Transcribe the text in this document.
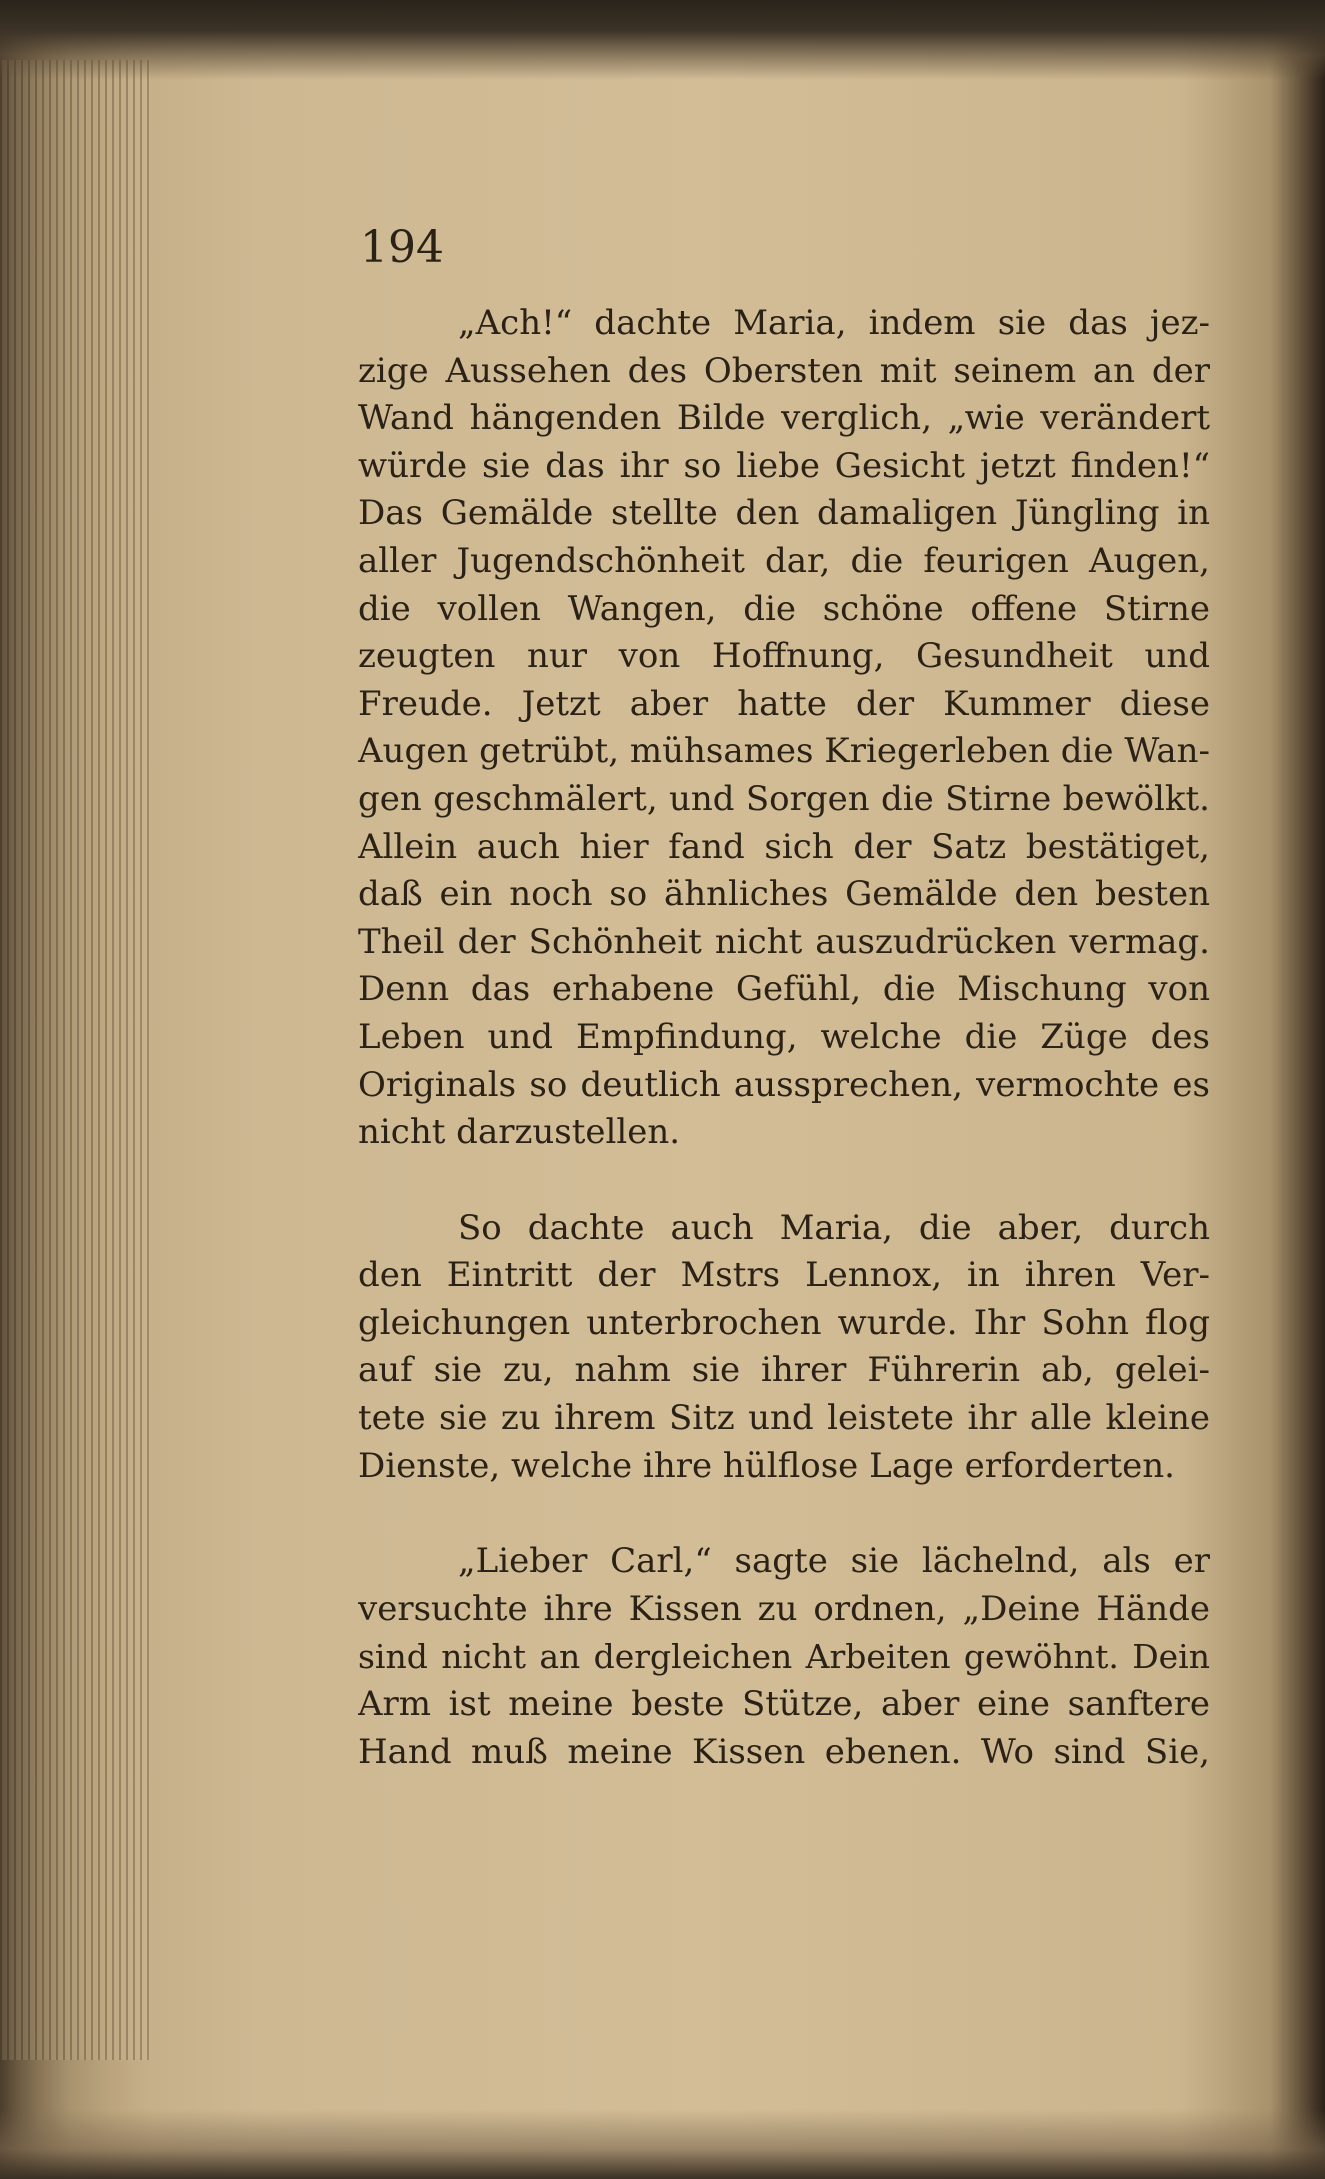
194
„Ach!“ dachte Maria, indem sie das jez-
zige Aussehen des Obersten mit seinem an der
Wand hängenden Bilde verglich, „wie verändert
würde sie das ihr so liebe Gesicht jetzt finden!“
Das Gemälde stellte den damaligen Jüngling in
aller Jugendschönheit dar, die feurigen Augen,
die vollen Wangen, die schöne offene Stirne
zeugten nur von Hoffnung, Gesundheit und
Freude. Jetzt aber hatte der Kummer diese
Augen getrübt, mühsames Kriegerleben die Wan-
gen geschmälert, und Sorgen die Stirne bewölkt.
Allein auch hier fand sich der Satz bestätiget,
daß ein noch so ähnliches Gemälde den besten
Theil der Schönheit nicht auszudrücken vermag.
Denn das erhabene Gefühl, die Mischung von
Leben und Empfindung, welche die Züge des
Originals so deutlich aussprechen, vermochte es
nicht darzustellen.
So dachte auch Maria, die aber, durch
den Eintritt der Mstrs Lennox, in ihren Ver-
gleichungen unterbrochen wurde. Ihr Sohn flog
auf sie zu, nahm sie ihrer Führerin ab, gelei-
tete sie zu ihrem Sitz und leistete ihr alle kleine
Dienste, welche ihre hülflose Lage erforderten.
„Lieber Carl,“ sagte sie lächelnd, als er
versuchte ihre Kissen zu ordnen, „Deine Hände
sind nicht an dergleichen Arbeiten gewöhnt. Dein
Arm ist meine beste Stütze, aber eine sanftere
Hand muß meine Kissen ebenen. Wo sind Sie,
